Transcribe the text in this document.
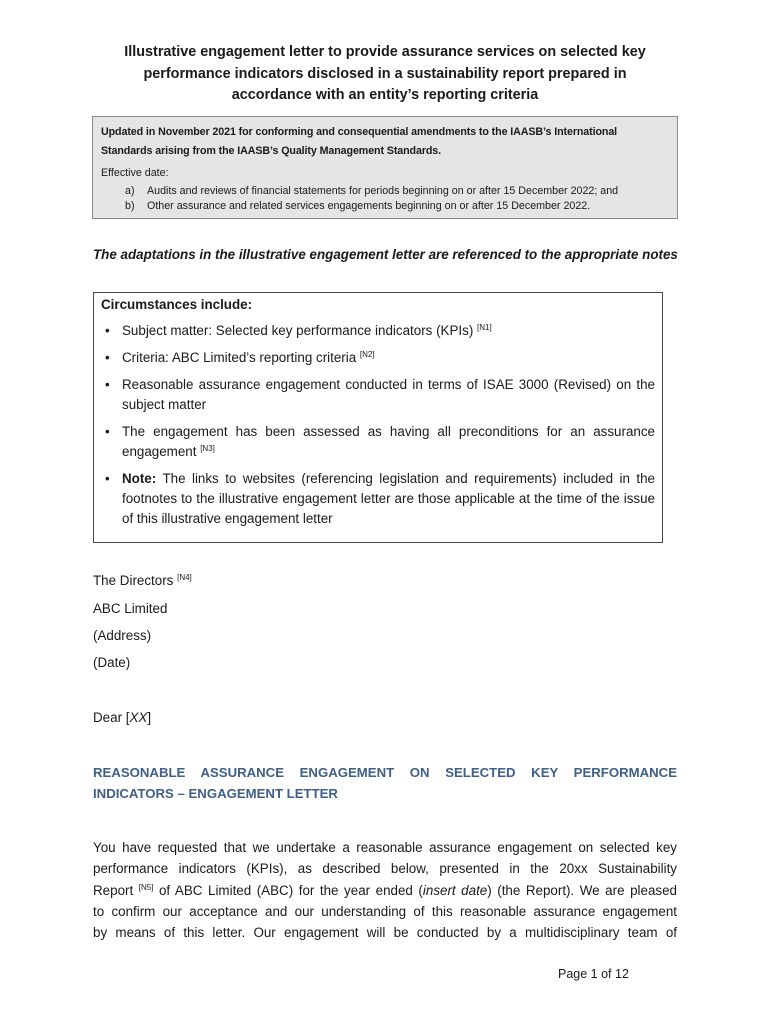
Illustrative engagement letter to provide assurance services on selected key
performance indicators disclosed in a sustainability report prepared in
accordance with an entity’s reporting criteria
Updated in November 2021 for conforming and consequential amendments to the IAASB’s International
Standards arising from the IAASB’s Quality Management Standards.
Effective date:
a) Audits and reviews of financial statements for periods beginning on or after 15 December 2022; and
b) Other assurance and related services engagements beginning on or after 15 December 2022.
The adaptations in the illustrative engagement letter are referenced to the appropriate notes
Circumstances include:
• Subject matter: Selected key performance indicators (KPIs) [N1]
• Criteria: ABC Limited’s reporting criteria [N2]
• Reasonable assurance engagement conducted in terms of ISAE 3000 (Revised) on the subject matter
• The engagement has been assessed as having all preconditions for an assurance engagement [N3]
• Note: The links to websites (referencing legislation and requirements) included in the footnotes to the illustrative engagement letter are those applicable at the time of the issue of this illustrative engagement letter
The Directors [N4]
ABC Limited
(Address)
(Date)
Dear [XX]
REASONABLE ASSURANCE ENGAGEMENT ON SELECTED KEY PERFORMANCE
INDICATORS – ENGAGEMENT LETTER
You have requested that we undertake a reasonable assurance engagement on selected key
performance indicators (KPIs), as described below, presented in the 20xx Sustainability
Report [N5] of ABC Limited (ABC) for the year ended (insert date) (the Report). We are pleased
to confirm our acceptance and our understanding of this reasonable assurance engagement
by means of this letter. Our engagement will be conducted by a multidisciplinary team of
Page 1 of 12
